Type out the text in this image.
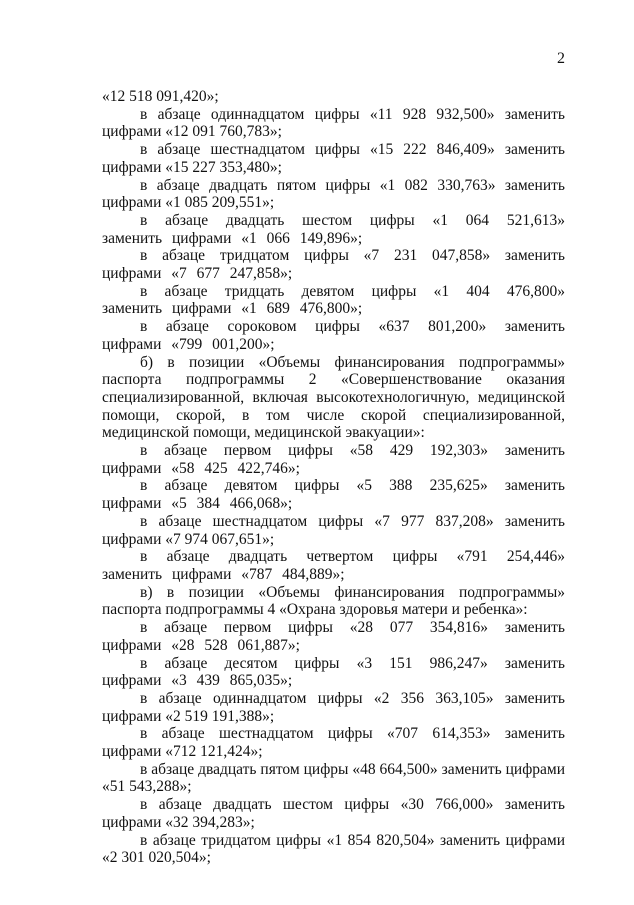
2

«12 518 091,420»;

в абзаце одиннадцатом цифры «11 928 932,500» заменить цифрами «12 091 760,783»;

в абзаце шестнадцатом цифры «15 222 846,409» заменить цифрами «15 227 353,480»;

в абзаце двадцать пятом цифры «1 082 330,763» заменить цифрами «1 085 209,551»;

в абзаце двадцать шестом цифры «1 064 521,613» заменить цифрами «1 066 149,896»;

в абзаце тридцатом цифры «7 231 047,858» заменить цифрами «7 677 247,858»;

в абзаце тридцать девятом цифры «1 404 476,800» заменить цифрами «1 689 476,800»;

в абзаце сороковом цифры «637 801,200» заменить цифрами «799 001,200»;

б) в позиции «Объемы финансирования подпрограммы» паспорта подпрограммы 2 «Совершенствование оказания специализированной, включая высокотехнологичную, медицинской помощи, скорой, в том числе скорой специализированной, медицинской помощи, медицинской эвакуации»:

в абзаце первом цифры «58 429 192,303» заменить цифрами «58 425 422,746»;

в абзаце девятом цифры «5 388 235,625» заменить цифрами «5 384 466,068»;

в абзаце шестнадцатом цифры «7 977 837,208» заменить цифрами «7 974 067,651»;

в абзаце двадцать четвертом цифры «791 254,446» заменить цифрами «787 484,889»;

в) в позиции «Объемы финансирования подпрограммы» паспорта подпрограммы 4 «Охрана здоровья матери и ребенка»:

в абзаце первом цифры «28 077 354,816» заменить цифрами «28 528 061,887»;

в абзаце десятом цифры «3 151 986,247» заменить цифрами «3 439 865,035»;

в абзаце одиннадцатом цифры «2 356 363,105» заменить цифрами «2 519 191,388»;

в абзаце шестнадцатом цифры «707 614,353» заменить цифрами «712 121,424»;

в абзаце двадцать пятом цифры «48 664,500» заменить цифрами «51 543,288»;

в абзаце двадцать шестом цифры «30 766,000» заменить цифрами «32 394,283»;

в абзаце тридцатом цифры «1 854 820,504» заменить цифрами «2 301 020,504»;
